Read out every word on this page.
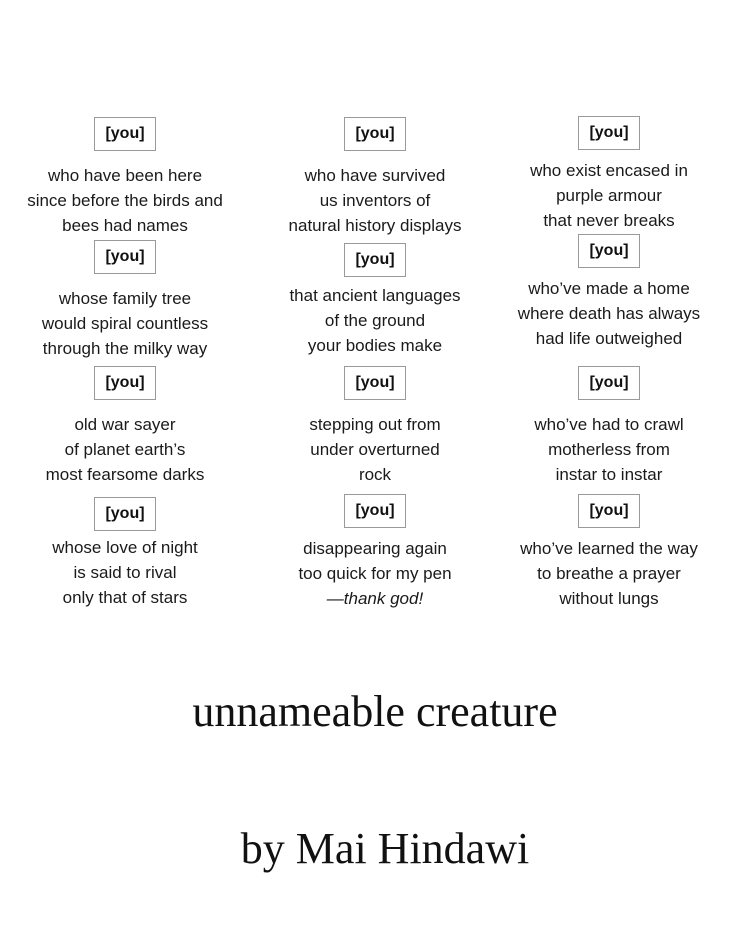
[you]
who have been here
since before the birds and
bees had names
[you]
who have survived
us inventors of
natural history displays
[you]
who exist encased in
purple armour
that never breaks
[you]
whose family tree
would spiral countless
through the milky way
[you]
that ancient languages
of the ground
your bodies make
[you]
who’ve made a home
where death has always
had life outweighed
[you]
old war sayer
of planet earth’s
most fearsome darks
[you]
stepping out from
under overturned
rock
[you]
who’ve had to crawl
motherless from
instar to instar
[you]
whose love of night
is said to rival
only that of stars
[you]
disappearing again
too quick for my pen
—thank god!
[you]
who’ve learned the way
to breathe a prayer
without lungs
unnameable creature
by Mai Hindawi
